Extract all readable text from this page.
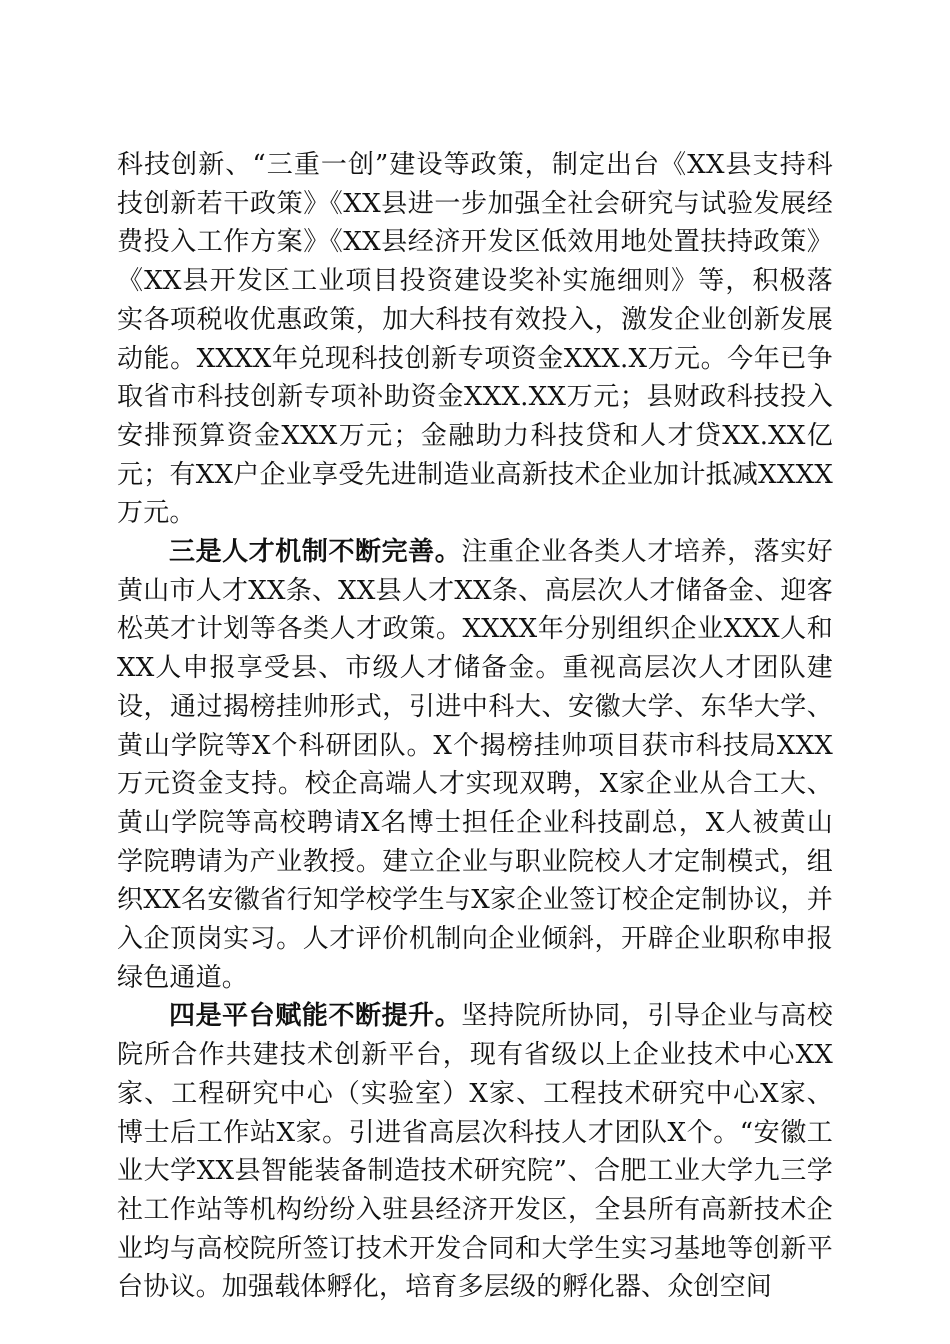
科技创新、“三重一创”建设等政策，制定出台《XX县支持科技创新若干政策》《XX县进一步加强全社会研究与试验发展经费投入工作方案》《XX县经济开发区低效用地处置扶持政策》《XX县开发区工业项目投资建设奖补实施细则》等，积极落实各项税收优惠政策，加大科技有效投入，激发企业创新发展动能。XXXX年兑现科技创新专项资金XXX.X万元。今年已争取省市科技创新专项补助资金XXX.XX万元；县财政科技投入安排预算资金XXX万元；金融助力科技贷和人才贷XX.XX亿元；有XX户企业享受先进制造业高新技术企业加计抵减XXXX万元。

三是人才机制不断完善。注重企业各类人才培养，落实好黄山市人才XX条、XX县人才XX条、高层次人才储备金、迎客松英才计划等各类人才政策。XXXX年分别组织企业XXX人和XX人申报享受县、市级人才储备金。重视高层次人才团队建设，通过揭榜挂帅形式，引进中科大、安徽大学、东华大学、黄山学院等X个科研团队。X个揭榜挂帅项目获市科技局XXX万元资金支持。校企高端人才实现双聘，X家企业从合工大、黄山学院等高校聘请X名博士担任企业科技副总，X人被黄山学院聘请为产业教授。建立企业与职业院校人才定制模式，组织XX名安徽省行知学校学生与X家企业签订校企定制协议，并入企顶岗实习。人才评价机制向企业倾斜，开辟企业职称申报绿色通道。

四是平台赋能不断提升。坚持院所协同，引导企业与高校院所合作共建技术创新平台，现有省级以上企业技术中心XX家、工程研究中心（实验室）X家、工程技术研究中心X家、博士后工作站X家。引进省高层次科技人才团队X个。“安徽工业大学XX县智能装备制造技术研究院”、合肥工业大学九三学社工作站等机构纷纷入驻县经济开发区，全县所有高新技术企业均与高校院所签订技术开发合同和大学生实习基地等创新平台协议。加强载体孵化，培育多层级的孵化器、众创空间
